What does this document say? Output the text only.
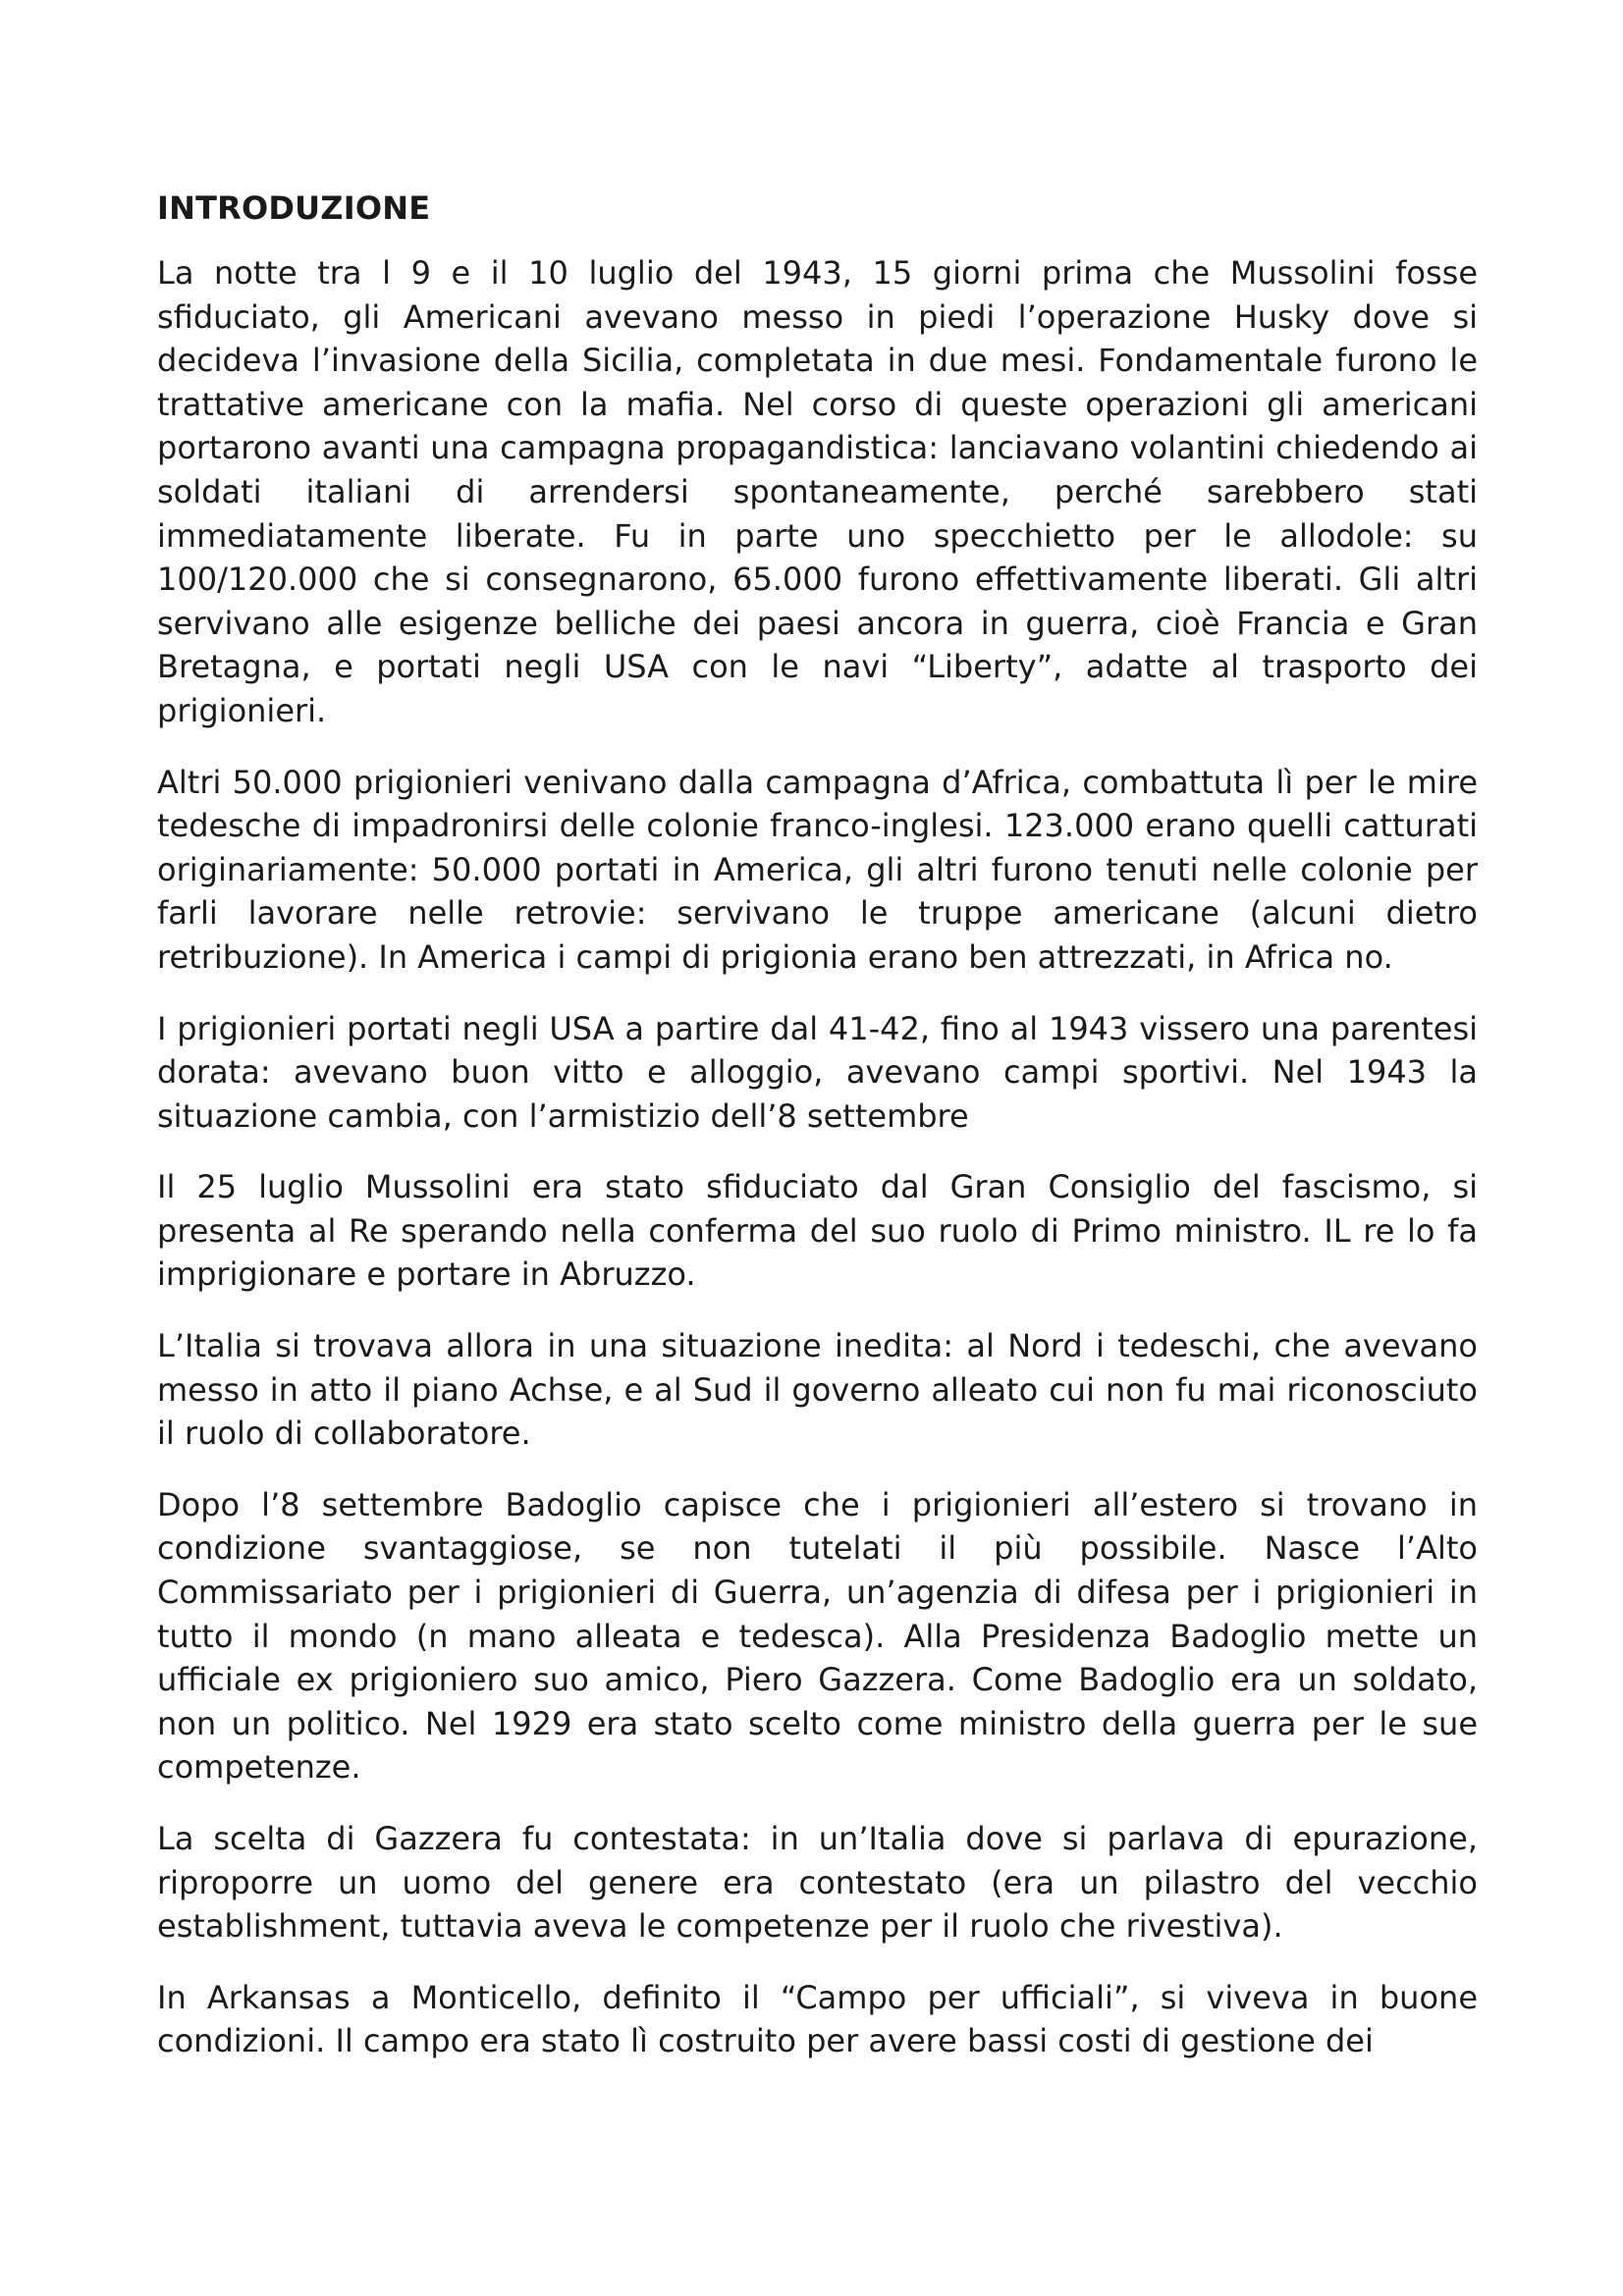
INTRODUZIONE

La notte tra l 9 e il 10 luglio del 1943, 15 giorni prima che Mussolini fosse sfiduciato, gli Americani avevano messo in piedi l’operazione Husky dove si decideva l’invasione della Sicilia, completata in due mesi. Fondamentale furono le trattative americane con la mafia. Nel corso di queste operazioni gli americani portarono avanti una campagna propagandistica: lanciavano volantini chiedendo ai soldati italiani di arrendersi spontaneamente, perché sarebbero stati immediatamente liberate. Fu in parte uno specchietto per le allodole: su 100/120.000 che si consegnarono, 65.000 furono effettivamente liberati. Gli altri servivano alle esigenze belliche dei paesi ancora in guerra, cioè Francia e Gran Bretagna, e portati negli USA con le navi “Liberty”, adatte al trasporto dei prigionieri.

Altri 50.000 prigionieri venivano dalla campagna d’Africa, combattuta lì per le mire tedesche di impadronirsi delle colonie franco-inglesi. 123.000 erano quelli catturati originariamente: 50.000 portati in America, gli altri furono tenuti nelle colonie per farli lavorare nelle retrovie: servivano le truppe americane (alcuni dietro retribuzione). In America i campi di prigionia erano ben attrezzati, in Africa no.

I prigionieri portati negli USA a partire dal 41-42, fino al 1943 vissero una parentesi dorata: avevano buon vitto e alloggio, avevano campi sportivi. Nel 1943 la situazione cambia, con l’armistizio dell’8 settembre

Il 25 luglio Mussolini era stato sfiduciato dal Gran Consiglio del fascismo, si presenta al Re sperando nella conferma del suo ruolo di Primo ministro. IL re lo fa imprigionare e portare in Abruzzo.

L’Italia si trovava allora in una situazione inedita: al Nord i tedeschi, che avevano messo in atto il piano Achse, e al Sud il governo alleato cui non fu mai riconosciuto il ruolo di collaboratore.

Dopo l’8 settembre Badoglio capisce che i prigionieri all’estero si trovano in condizione svantaggiose, se non tutelati il più possibile. Nasce l’Alto Commissariato per i prigionieri di Guerra, un’agenzia di difesa per i prigionieri in tutto il mondo (n mano alleata e tedesca). Alla Presidenza Badoglio mette un ufficiale ex prigioniero suo amico, Piero Gazzera. Come Badoglio era un soldato, non un politico. Nel 1929 era stato scelto come ministro della guerra per le sue competenze.

La scelta di Gazzera fu contestata: in un’Italia dove si parlava di epurazione, riproporre un uomo del genere era contestato (era un pilastro del vecchio establishment, tuttavia aveva le competenze per il ruolo che rivestiva).

In Arkansas a Monticello, definito il “Campo per ufficiali”, si viveva in buone condizioni. Il campo era stato lì costruito per avere bassi costi di gestione dei
